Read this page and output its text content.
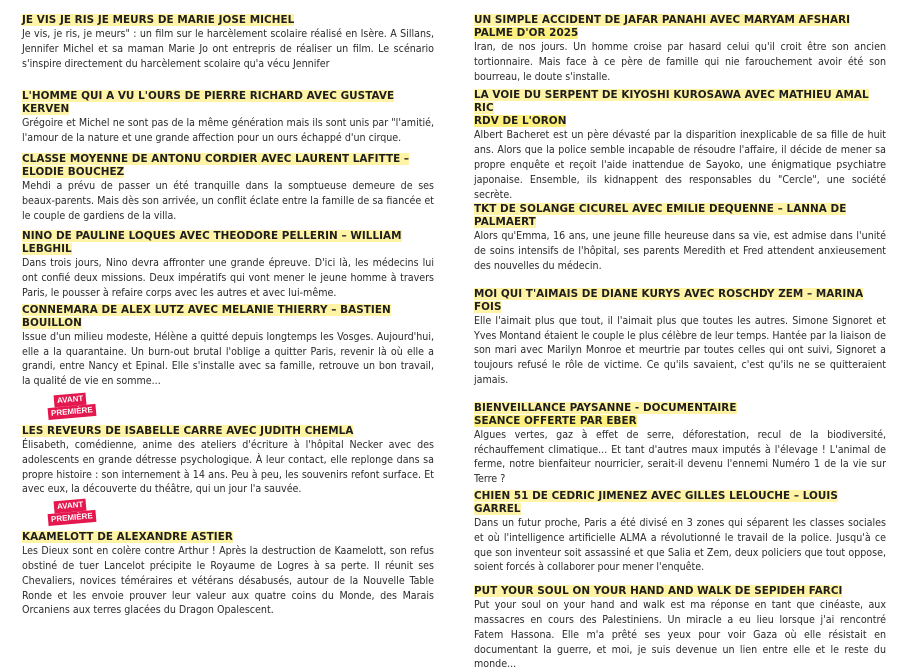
JE VIS JE RIS JE MEURS DE MARIE JOSE MICHEL
Je vis, je ris, je meurs" : un film sur le harcèlement scolaire réalisé en Isère. A Sillans, Jennifer Michel et sa maman Marie Jo ont entrepris de réaliser un film. Le scénario s'inspire directement du harcèlement scolaire qu'a vécu Jennifer
L'HOMME QUI A VU L'OURS DE PIERRE RICHARD AVEC GUSTAVE KERVEN
Grégoire et Michel ne sont pas de la même génération mais ils sont unis par "l'amitié, l'amour de la nature et une grande affection pour un ours échappé d'un cirque.
CLASSE MOYENNE DE ANTONU CORDIER AVEC LAURENT LAFITTE – ELODIE BOUCHEZ
Mehdi a prévu de passer un été tranquille dans la somptueuse demeure de ses beaux-parents. Mais dès son arrivée, un conflit éclate entre la famille de sa fiancée et le couple de gardiens de la villa.
NINO DE PAULINE LOQUES AVEC THEODORE PELLERIN – WILLIAM LEBGHIL
Dans trois jours, Nino devra affronter une grande épreuve. D'ici là, les médecins lui ont confié deux missions. Deux impératifs qui vont mener le jeune homme à travers Paris, le pousser à refaire corps avec les autres et avec lui-même.
CONNEMARA DE ALEX LUTZ AVEC MELANIE THIERRY – BASTIEN BOUILLON
Issue d'un milieu modeste, Hélène a quitté depuis longtemps les Vosges. Aujourd'hui, elle a la quarantaine. Un burn-out brutal l'oblige a quitter Paris, revenir là où elle a grandi, entre Nancy et Epinal. Elle s'installe avec sa famille, retrouve un bon travail, la qualité de vie en somme...
AVANT
PREMIÈRE
LES REVEURS DE ISABELLE CARRE AVEC JUDITH CHEMLA
Élisabeth, comédienne, anime des ateliers d'écriture à l'hôpital Necker avec des adolescents en grande détresse psychologique. À leur contact, elle replonge dans sa propre histoire : son internement à 14 ans. Peu à peu, les souvenirs refont surface. Et avec eux, la découverte du théâtre, qui un jour l'a sauvée.
AVANT
PREMIÈRE
KAAMELOTT DE ALEXANDRE ASTIER
Les Dieux sont en colère contre Arthur ! Après la destruction de Kaamelott, son refus obstiné de tuer Lancelot précipite le Royaume de Logres à sa perte. Il réunit ses Chevaliers, novices téméraires et vétérans désabusés, autour de la Nouvelle Table Ronde et les envoie prouver leur valeur aux quatre coins du Monde, des Marais Orcaniens aux terres glacées du Dragon Opalescent.
UN SIMPLE ACCIDENT DE JAFAR PANAHI AVEC MARYAM AFSHARI
PALME D'OR 2025
Iran, de nos jours. Un homme croise par hasard celui qu'il croit être son ancien tortionnaire. Mais face à ce père de famille qui nie farouchement avoir été son bourreau, le doute s'installe.
LA VOIE DU SERPENT DE KIYOSHI KUROSAWA AVEC MATHIEU AMAL RIC
RDV DE L'ORON
Albert Bacheret est un père dévasté par la disparition inexplicable de sa fille de huit ans. Alors que la police semble incapable de résoudre l'affaire, il décide de mener sa propre enquête et reçoit l'aide inattendue de Sayoko, une énigmatique psychiatre japonaise. Ensemble, ils kidnappent des responsables du "Cercle", une société secrète.
TKT DE SOLANGE CICUREL AVEC EMILIE DEQUENNE – LANNA DE PALMAERT
Alors qu'Emma, 16 ans, une jeune fille heureuse dans sa vie, est admise dans l'unité de soins intensifs de l'hôpital, ses parents Meredith et Fred attendent anxieusement des nouvelles du médecin.
MOI QUI T'AIMAIS DE DIANE KURYS AVEC ROSCHDY ZEM – MARINA FOIS
Elle l'aimait plus que tout, il l'aimait plus que toutes les autres. Simone Signoret et Yves Montand étaient le couple le plus célèbre de leur temps. Hantée par la liaison de son mari avec Marilyn Monroe et meurtrie par toutes celles qui ont suivi, Signoret a toujours refusé le rôle de victime. Ce qu'ils savaient, c'est qu'ils ne se quitteraient jamais.
BIENVEILLANCE PAYSANNE - DOCUMENTAIRE
SEANCE OFFERTE PAR EBER
Algues vertes, gaz à effet de serre, déforestation, recul de la biodiversité, réchauffement climatique... Et tant d'autres maux imputés à l'élevage ! L'animal de ferme, notre bienfaiteur nourricier, serait-il devenu l'ennemi Numéro 1 de la vie sur Terre ?
CHIEN 51 DE CEDRIC JIMENEZ AVEC GILLES LELOUCHE – LOUIS GARREL
Dans un futur proche, Paris a été divisé en 3 zones qui séparent les classes sociales et où l'intelligence artificielle ALMA a révolutionné le travail de la police. Jusqu'à ce que son inventeur soit assassiné et que Salia et Zem, deux policiers que tout oppose, soient forcés à collaborer pour mener l'enquête.
PUT YOUR SOUL ON YOUR HAND AND WALK DE SEPIDEH FARCI
Put your soul on your hand and walk est ma réponse en tant que cinéaste, aux massacres en cours des Palestiniens. Un miracle a eu lieu lorsque j'ai rencontré Fatem Hassona. Elle m'a prêté ses yeux pour voir Gaza où elle résistait en documentant la guerre, et moi, je suis devenue un lien entre elle et le reste du monde...
